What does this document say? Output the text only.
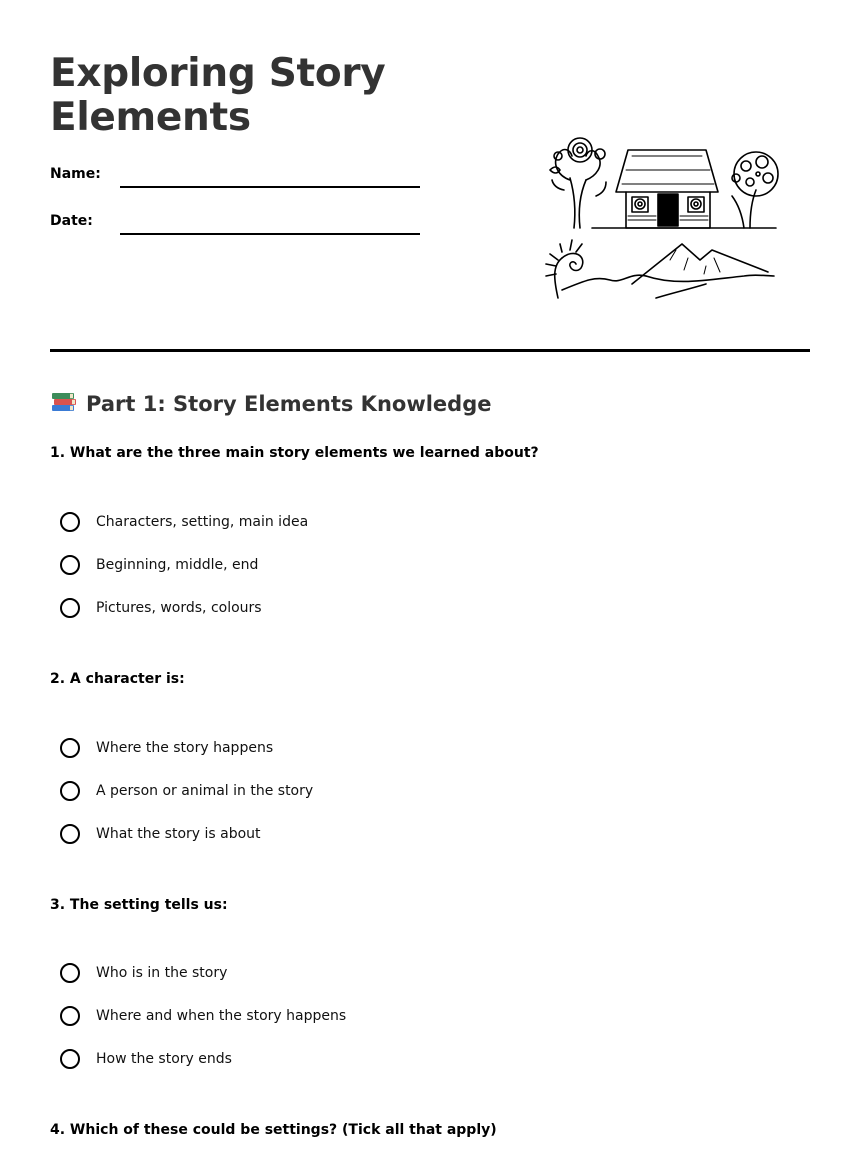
Exploring Story Elements
Name:
Date:
Part 1: Story Elements Knowledge

1. What are the three main story elements we learned about?

Characters, setting, main idea
Beginning, middle, end
Pictures, words, colours

2. A character is:

Where the story happens
A person or animal in the story
What the story is about

3. The setting tells us:

Who is in the story
Where and when the story happens
How the story ends

4. Which of these could be settings? (Tick all that apply)
